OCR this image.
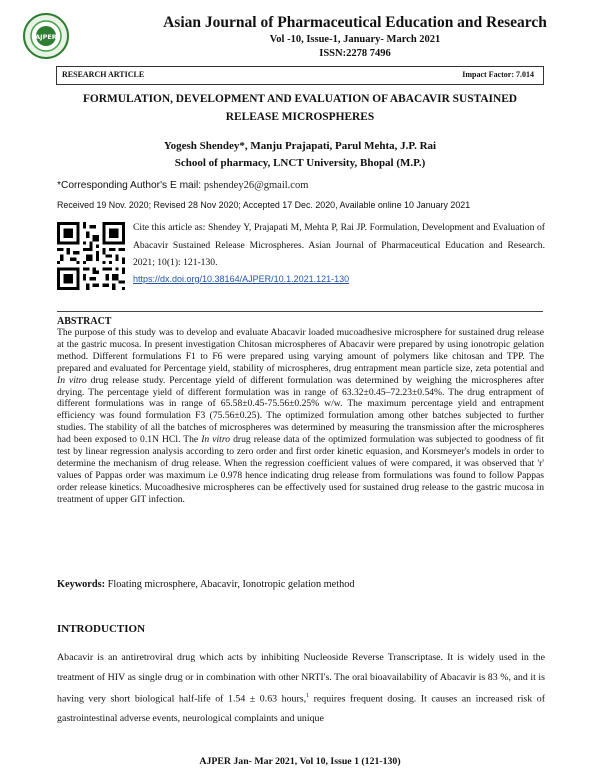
AJPER
Asian Journal of Pharmaceutical Education and Research
Vol -10, Issue-1, January- March 2021
ISSN:2278 7496
RESEARCH ARTICLE	Impact Factor: 7.014
FORMULATION, DEVELOPMENT AND EVALUATION OF ABACAVIR SUSTAINED
RELEASE MICROSPHERES
Yogesh Shendey*, Manju Prajapati, Parul Mehta, J.P. Rai
School of pharmacy, LNCT University, Bhopal (M.P.)
*Corresponding Author's E mail: pshendey26@gmail.com
Received 19 Nov. 2020; Revised 28 Nov 2020; Accepted 17 Dec. 2020, Available online 10 January 2021
Cite this article as: Shendey Y, Prajapati M, Mehta P, Rai JP. Formulation, Development and Evaluation of Abacavir Sustained Release Microspheres. Asian Journal of Pharmaceutical Education and Research. 2021; 10(1): 121-130.
https://dx.doi.org/10.38164/AJPER/10.1.2021.121-130
ABSTRACT
The purpose of this study was to develop and evaluate Abacavir loaded mucoadhesive microsphere for sustained drug release at the gastric mucosa. In present investigation Chitosan microspheres of Abacavir were prepared by using ionotropic gelation method. Different formulations F1 to F6 were prepared using varying amount of polymers like chitosan and TPP. The prepared and evaluated for Percentage yield, stability of microspheres, drug entrapment mean particle size, zeta potential and In vitro drug release study. Percentage yield of different formulation was determined by weighing the microspheres after drying. The percentage yield of different formulation was in range of 63.32±0.45–72.23±0.54%. The drug entrapment of different formulations was in range of 65.58±0.45-75.56±0.25% w/w. The maximum percentage yield and entrapment efficiency was found formulation F3 (75.56±0.25). The optimized formulation among other batches subjected to further studies. The stability of all the batches of microspheres was determined by measuring the transmission after the microspheres had been exposed to 0.1N HCl. The In vitro drug release data of the optimized formulation was subjected to goodness of fit test by linear regression analysis according to zero order and first order kinetic equasion, and Korsmeyer's models in order to determine the mechanism of drug release. When the regression coefficient values of were compared, it was observed that 'r' values of Pappas order was maximum i.e 0.978 hence indicating drug release from formulations was found to follow Pappas order release kinetics. Mucoadhesive microspheres can be effectively used for sustained drug release to the gastric mucosa in treatment of upper GIT infection.
Keywords: Floating microsphere, Abacavir, Ionotropic gelation method
INTRODUCTION
Abacavir is an antiretroviral drug which acts by inhibiting Nucleoside Reverse Transcriptase. It is widely used in the treatment of HIV as single drug or in combination with other NRTI's. The oral bioavailability of Abacavir is 83 %, and it is having very short biological half-life of 1.54 ± 0.63 hours,$^1$ requires frequent dosing. It causes an increased risk of gastrointestinal adverse events, neurological complaints and unique
AJPER Jan- Mar 2021, Vol 10, Issue 1 (121-130)
